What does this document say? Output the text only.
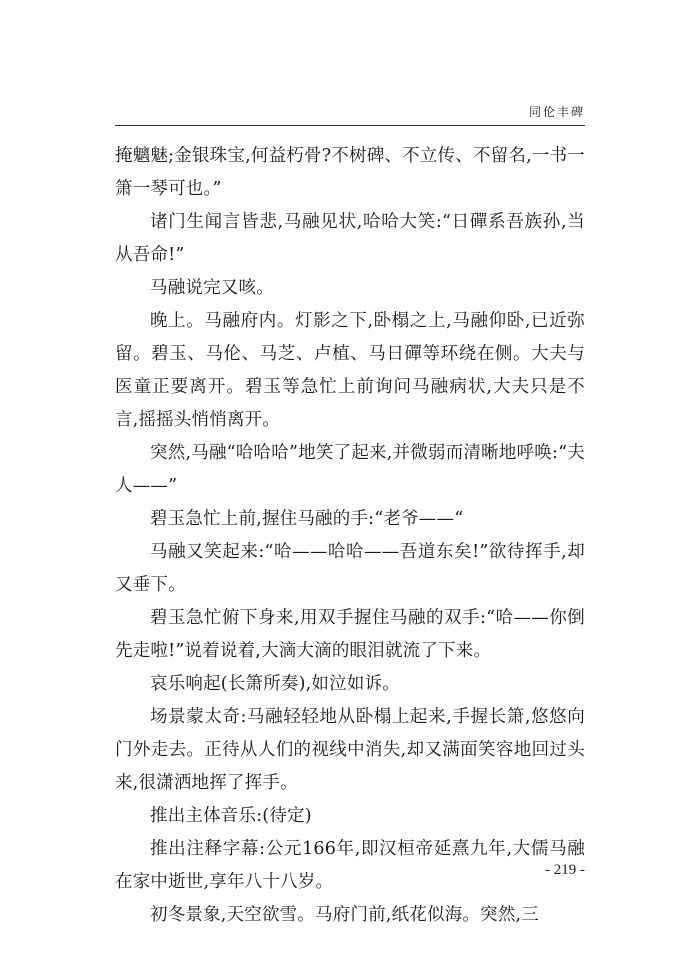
同伦丰碑

掩魑魅;金银珠宝,何益朽骨?不树碑、不立传、不留名,一书一箫一琴可也。”

诸门生闻言皆悲,马融见状,哈哈大笑:“日磾系吾族孙,当从吾命!”

马融说完又咳。

晚上。马融府内。灯影之下,卧榻之上,马融仰卧,已近弥留。碧玉、马伦、马芝、卢植、马日磾等环绕在侧。大夫与医童正要离开。碧玉等急忙上前询问马融病状,大夫只是不言,摇摇头悄悄离开。

突然,马融“哈哈哈”地笑了起来,并微弱而清晰地呼唤:“夫人——”

碧玉急忙上前,握住马融的手:“老爷——“

马融又笑起来:“哈——哈哈——吾道东矣!”欲待挥手,却又垂下。

碧玉急忙俯下身来,用双手握住马融的双手:“哈——你倒先走啦!”说着说着,大滴大滴的眼泪就流了下来。

哀乐响起(长箫所奏),如泣如诉。

场景蒙太奇:马融轻轻地从卧榻上起来,手握长箫,悠悠向门外走去。正待从人们的视线中消失,却又满面笑容地回过头来,很潇洒地挥了挥手。

推出主体音乐:(待定)

推出注释字幕:公元166年,即汉桓帝延熹九年,大儒马融在家中逝世,享年八十八岁。

初冬景象,天空欲雪。马府门前,纸花似海。突然,三

- 219 -
